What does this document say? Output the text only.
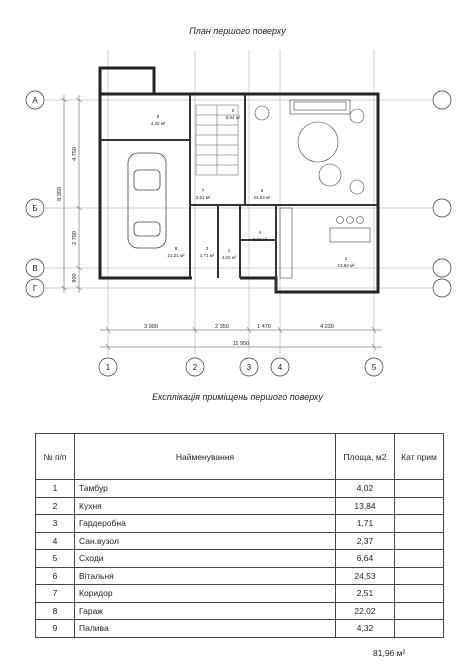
План першого поверху
А
Б
В
Г
1	2	3	4	5
3 900	2 350	1 470	4 230
11 950
4 750
2 700
900
8 350
9
4,32 м²
5
6,64 м²
6
24,53 м²
7
2,51 м²
8
21,21 м²
3
1,71 м²
4
2,37 м²
1
4,02 м²	2
13,84 м²
Експлікація приміщень першого поверху
№ п/п	Найменування	Площа, м2	Кат прим
1	Тамбур	4,02	
2	Кухня	13,84	
3	Гардеробна	1,71	
4	Сан.вузол	2,37	
5	Сходи	6,64	
6	Вітальня	24,53	
7	Коридор	2,51	
8	Гараж	22,02	
9	Палива	4,32	
81,96 м²
